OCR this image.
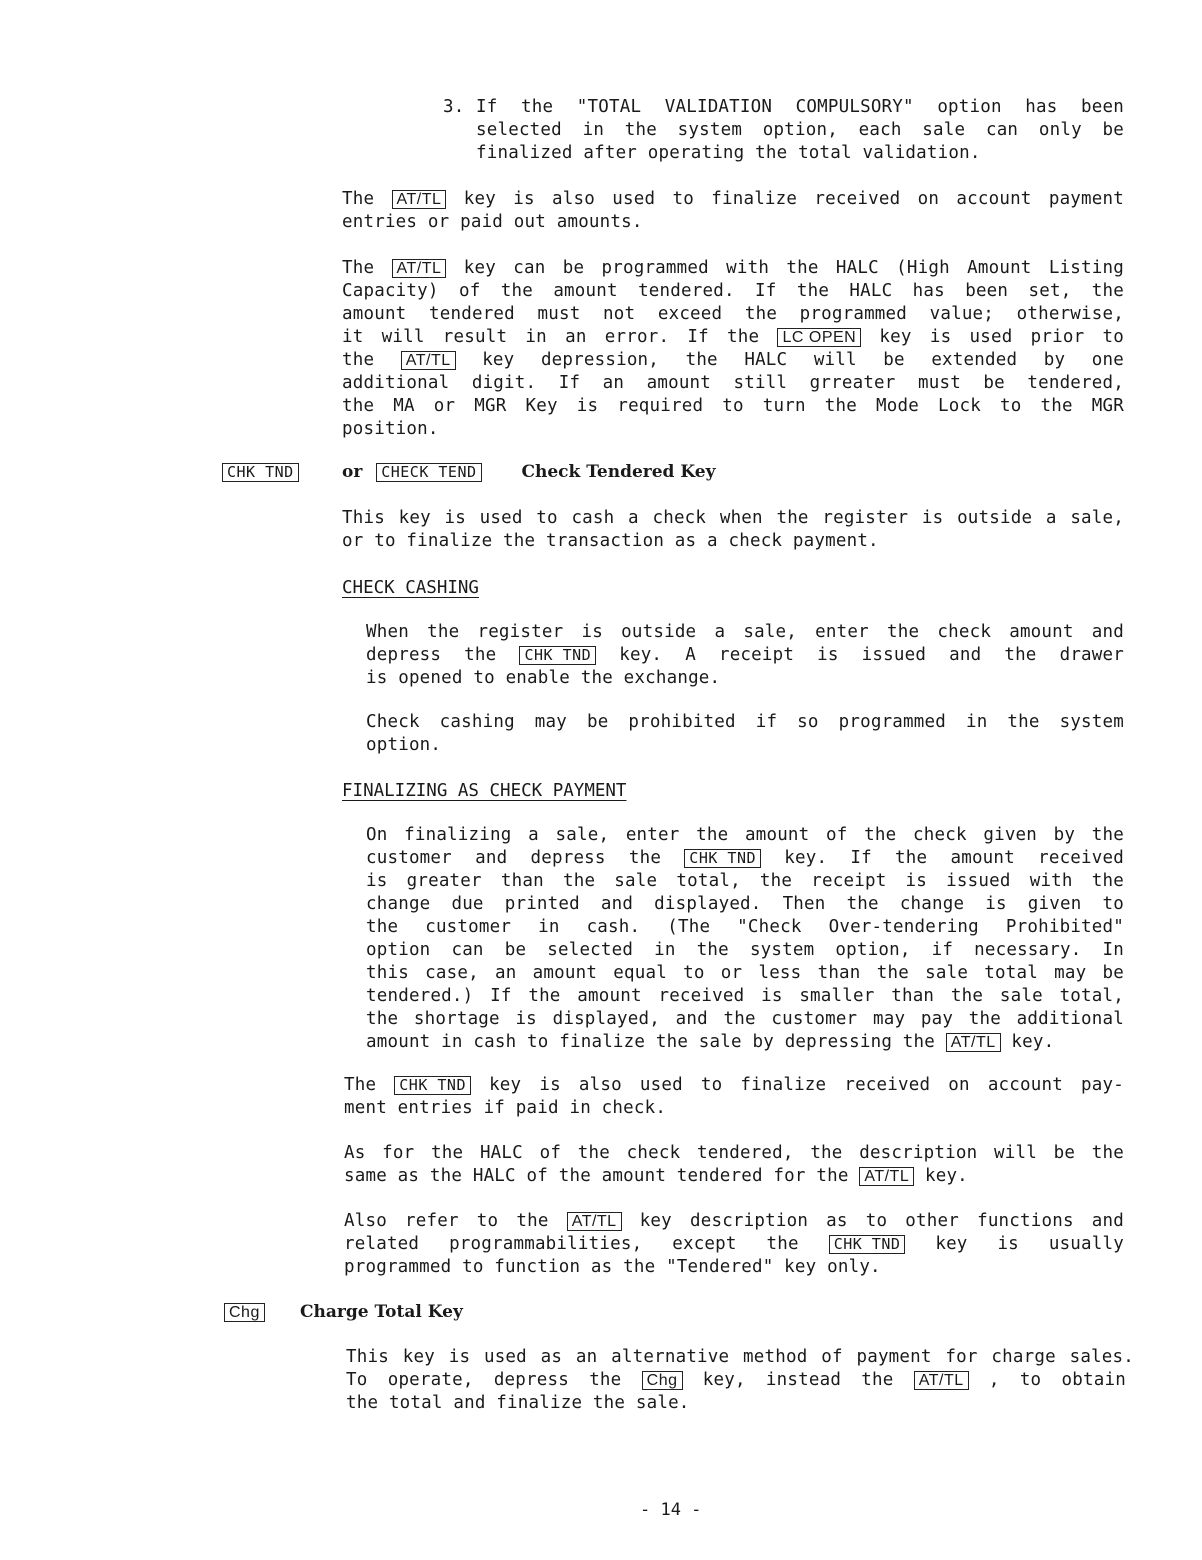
3. If the "TOTAL VALIDATION COMPULSORY" option has been
selected in the system option, each sale can only be
finalized after operating the total validation.
The AT/TL key is also used to finalize received on account payment
entries or paid out amounts.
The AT/TL key can be programmed with the HALC (High Amount Listing
Capacity) of the amount tendered. If the HALC has been set, the
amount tendered must not exceed the programmed value; otherwise,
it will result in an error. If the LC OPEN key is used prior to
the AT/TL key depression, the HALC will be extended by one
additional digit. If an amount still grreater must be tendered,
the MA or MGR Key is required to turn the Mode Lock to the MGR
position.
CHK TND	or CHECK TEND	Check Tendered Key
This key is used to cash a check when the register is outside a sale,
or to finalize the transaction as a check payment.
CHECK CASHING
When the register is outside a sale, enter the check amount and
depress the CHK TND key. A receipt is issued and the drawer
is opened to enable the exchange.
Check cashing may be prohibited if so programmed in the system
option.
FINALIZING AS CHECK PAYMENT
On finalizing a sale, enter the amount of the check given by the
customer and depress the CHK TND key. If the amount received
is greater than the sale total, the receipt is issued with the
change due printed and displayed. Then the change is given to
the customer in cash. (The "Check Over-tendering Prohibited"
option can be selected in the system option, if necessary. In
this case, an amount equal to or less than the sale total may be
tendered.) If the amount received is smaller than the sale total,
the shortage is displayed, and the customer may pay the additional
amount in cash to finalize the sale by depressing the AT/TL key.
The CHK TND key is also used to finalize received on account pay-
ment entries if paid in check.
As for the HALC of the check tendered, the description will be the
same as the HALC of the amount tendered for the AT/TL key.
Also refer to the AT/TL key description as to other functions and
related programmabilities, except the CHK TND key is usually
programmed to function as the "Tendered" key only.
Chg Charge Total Key
This key is used as an alternative method of payment for charge sales.
To operate, depress the Chg key, instead the AT/TL , to obtain
the total and finalize the sale.
- 14 -
